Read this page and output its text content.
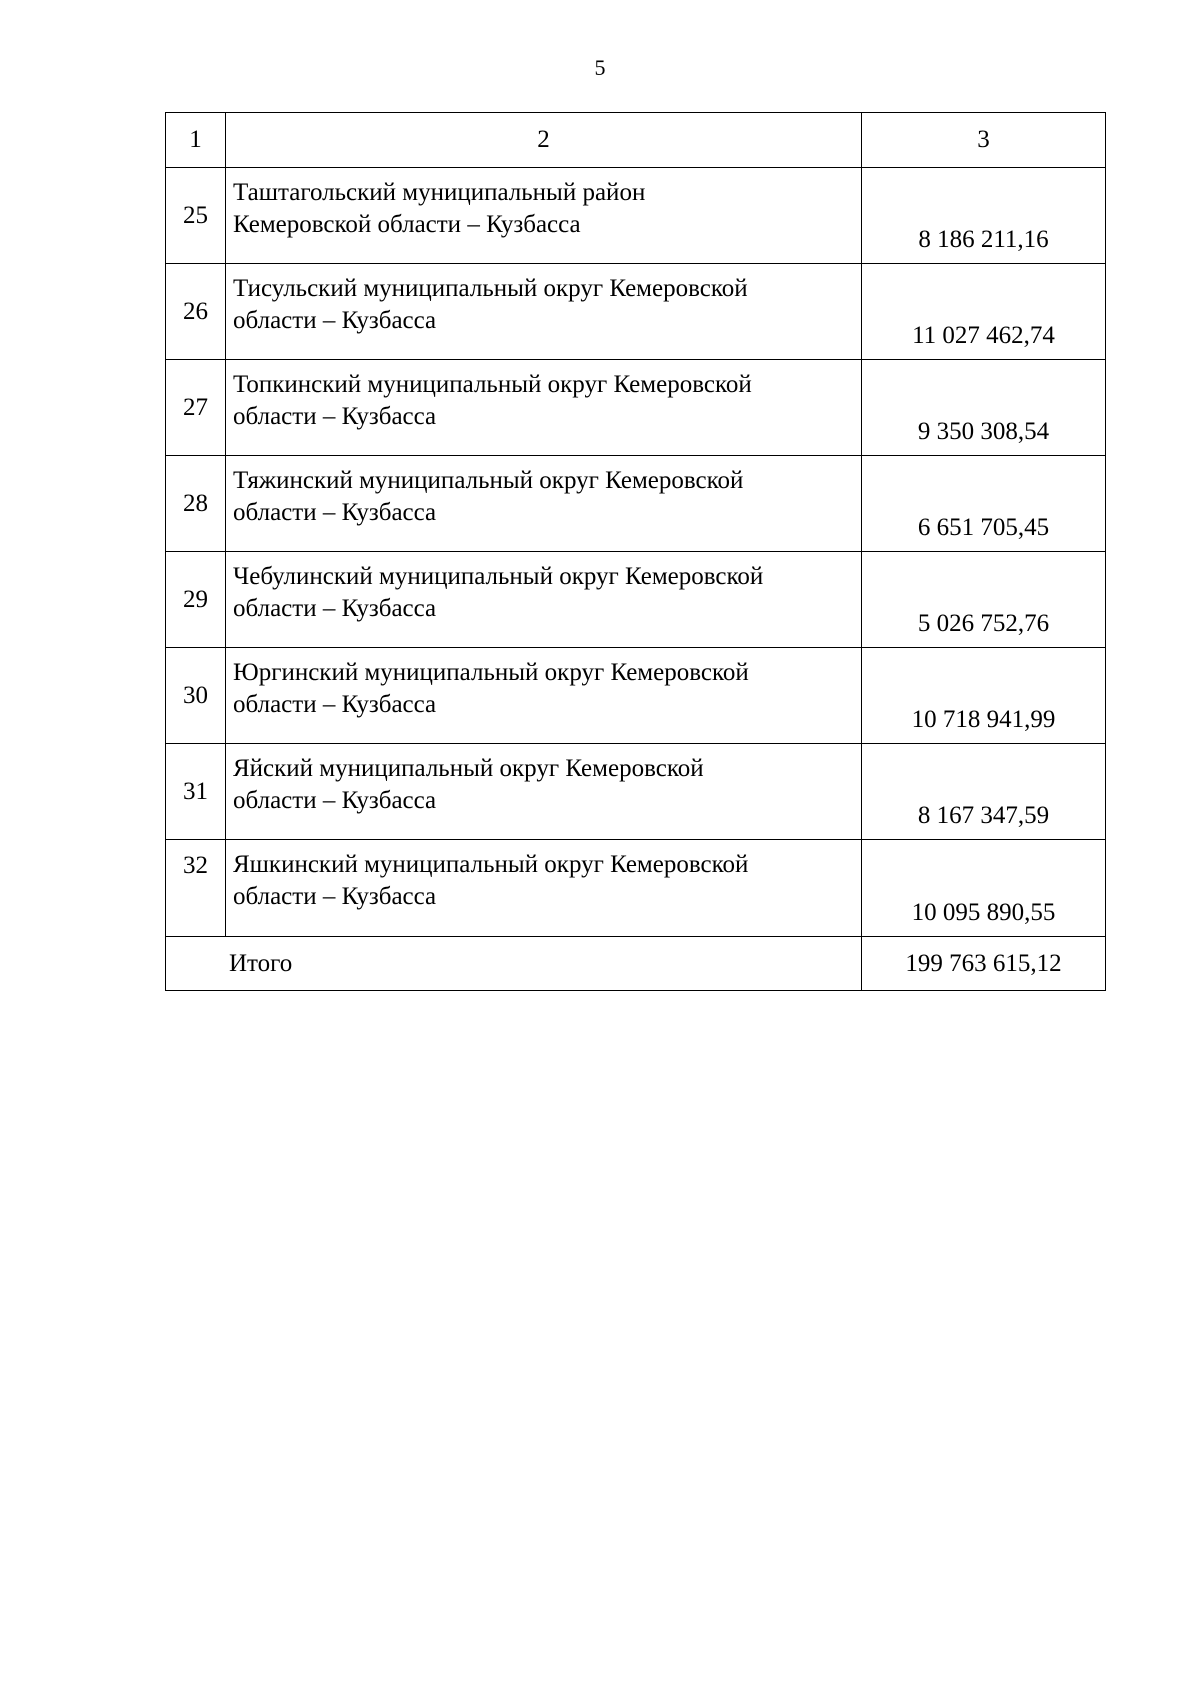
5
1	2	3
25	Таштагольский муниципальный район
Кемеровской области – Кузбасса	8 186 211,16
26	Тисульский муниципальный округ Кемеровской
области – Кузбасса	11 027 462,74
27	Топкинский муниципальный округ Кемеровской
области – Кузбасса	9 350 308,54
28	Тяжинский муниципальный округ Кемеровской
области – Кузбасса	6 651 705,45
29	Чебулинский муниципальный округ Кемеровской
области – Кузбасса	5 026 752,76
30	Юргинский муниципальный округ Кемеровской
области – Кузбасса	10 718 941,99
31	Яйский муниципальный округ Кемеровской
области – Кузбасса	8 167 347,59
32	Яшкинский муниципальный округ Кемеровской
области – Кузбасса	10 095 890,55
Итого		199 763 615,12
